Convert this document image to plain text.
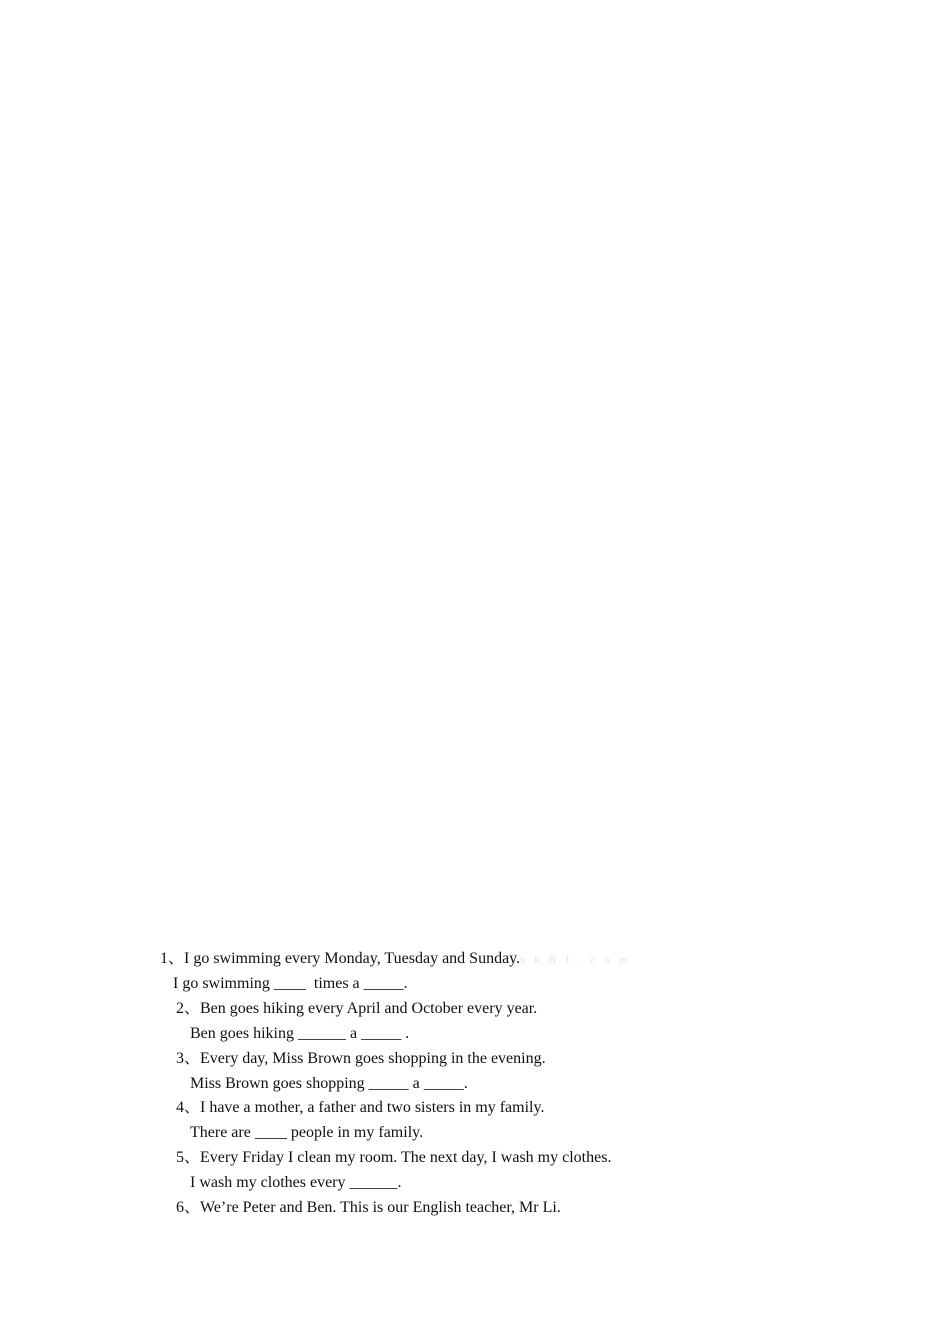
1、I go swimming every Monday, Tuesday and Sunday.x k B 1 . c o m
I go swimming ____  times a _____.
2、Ben goes hiking every April and October every year.
Ben goes hiking ______ a _____ .
3、Every day, Miss Brown goes shopping in the evening.
Miss Brown goes shopping _____ a _____.
4、I have a mother, a father and two sisters in my family.
There are ____ people in my family.
5、Every Friday I clean my room. The next day, I wash my clothes.
I wash my clothes every ______.
6、We’re Peter and Ben. This is our English teacher, Mr Li.
